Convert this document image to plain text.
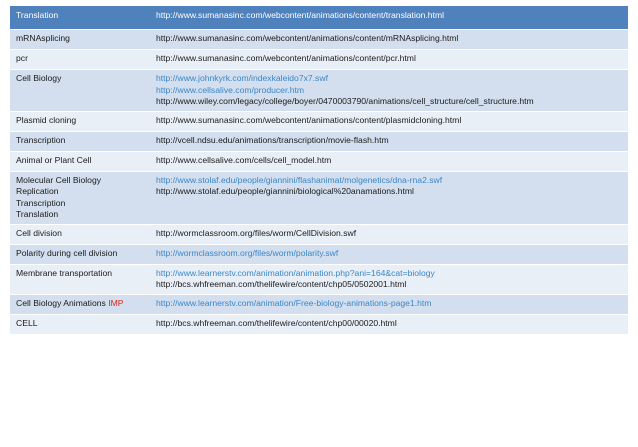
Translation	http://www.sumanasinc.com/webcontent/animations/content/translation.html
mRNAsplicing	http://www.sumanasinc.com/webcontent/animations/content/mRNAsplicing.html

pcr	http://www.sumanasinc.com/webcontent/animations/content/pcr.html

Cell Biology	http://www.johnkyrk.com/indexkaleido7x7.swf
http://www.cellsalive.com/producer.htm
http://www.wiley.com/legacy/college/boyer/0470003790/animations/cell_structure/cell_structure.htm

Plasmid cloning	http://www.sumanasinc.com/webcontent/animations/content/plasmidcloning.html

Transcription	http://vcell.ndsu.edu/animations/transcription/movie-flash.htm

Animal or Plant Cell	http://www.cellsalive.com/cells/cell_model.htm

Molecular Cell Biology
Replication
Transcription
Translation	http://www.stolaf.edu/people/giannini/flashanimat/molgenetics/dna-rna2.swf
http://www.stolaf.edu/people/giannini/biological%20anamations.html

Cell division	http://wormclassroom.org/files/worm/CellDivision.swf

Polarity during cell division	http://wormclassroom.org/files/worm/polarity.swf

Membrane transportation	http://www.learnerstv.com/animation/animation.php?ani=164&cat=biology
http://bcs.whfreeman.com/thelifewire/content/chp05/0502001.html

Cell Biology Animations IMP	http://www.learnerstv.com/animation/Free-biology-animations-page1.htm

CELL	http://bcs.whfreeman.com/thelifewire/content/chp00/00020.html
